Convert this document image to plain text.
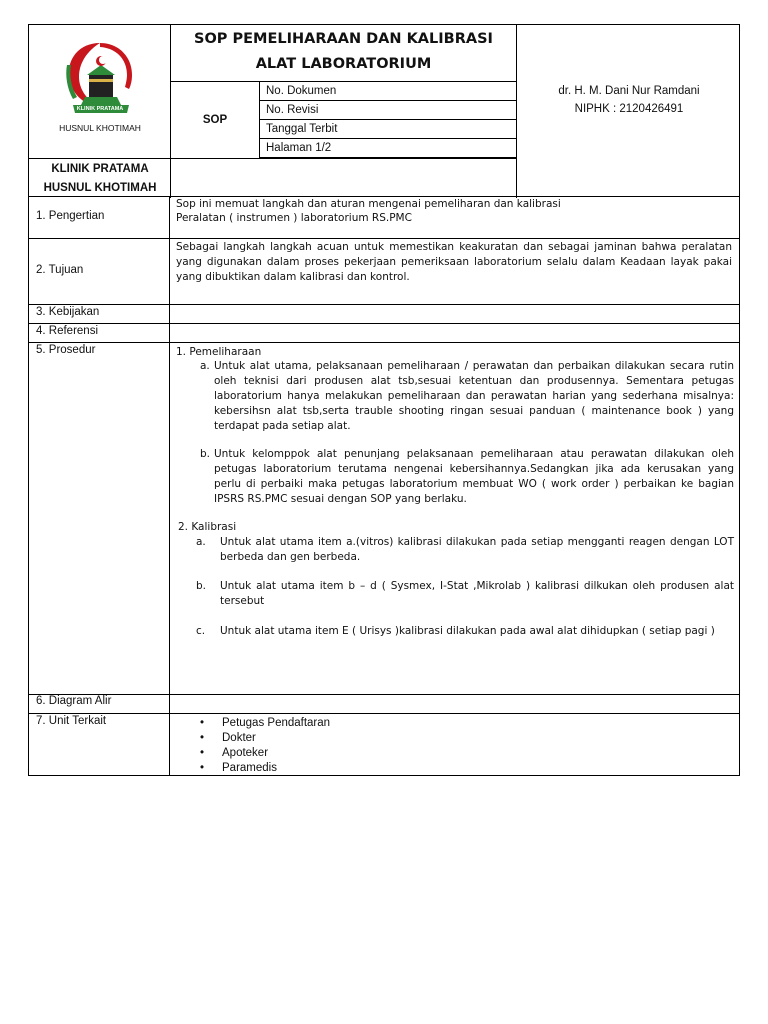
KLINIK PRATAMA
HUSNUL KHOTIMAH
KLINIK PRATAMA
HUSNUL KHOTIMAH
SOP PEMELIHARAAN DAN KALIBRASI
ALAT LABORATORIUM
SOP
No. Dokumen
No. Revisi
Tanggal Terbit
Halaman 1/2
dr. H. M. Dani Nur Ramdani
NIPHK : 2120426491
1. Pengertian
Sop ini memuat langkah dan aturan mengenai pemeliharan dan kalibrasi
Peralatan ( instrumen ) laboratorium RS.PMC
2. Tujuan
Sebagai langkah langkah acuan untuk memestikan keakuratan dan sebagai jaminan bahwa peralatan yang digunakan dalam proses pekerjaan pemeriksaan laboratorium selalu dalam Keadaan layak pakai yang dibuktikan dalam kalibrasi dan kontrol.
3. Kebijakan
4. Referensi
5. Prosedur	1. Pemeliharaan
a. Untuk alat utama, pelaksanaan pemeliharaan / perawatan dan perbaikan dilakukan secara rutin oleh teknisi dari produsen alat tsb,sesuai ketentuan dan produsennya. Sementara petugas laboratorium hanya melakukan pemeliharaan dan perawatan harian yang sederhana misalnya: kebersihsn alat tsb,serta trauble shooting ringan sesuai panduan ( maintenance book ) yang terdapat pada setiap alat.
b. Untuk kelomppok alat penunjang pelaksanaan pemeliharaan atau perawatan dilakukan oleh petugas laboratorium terutama nengenai kebersihannya.Sedangkan jika ada kerusakan yang perlu di perbaiki maka petugas laboratorium membuat WO ( work order ) perbaikan ke bagian IPSRS RS.PMC sesuai dengan SOP yang berlaku.
2. Kalibrasi
a. Untuk alat utama item a.(vitros) kalibrasi dilakukan pada setiap mengganti reagen dengan LOT berbeda dan gen berbeda.
b. Untuk alat utama item b – d ( Sysmex, I-Stat ,Mikrolab ) kalibrasi dilkukan oleh produsen alat tersebut
c. Untuk alat utama item E ( Urisys )kalibrasi dilakukan pada awal alat dihidupkan ( setiap pagi )
6. Diagram Alir
7. Unit Terkait	• Petugas Pendaftaran
• Dokter
• Apoteker
• Paramedis
